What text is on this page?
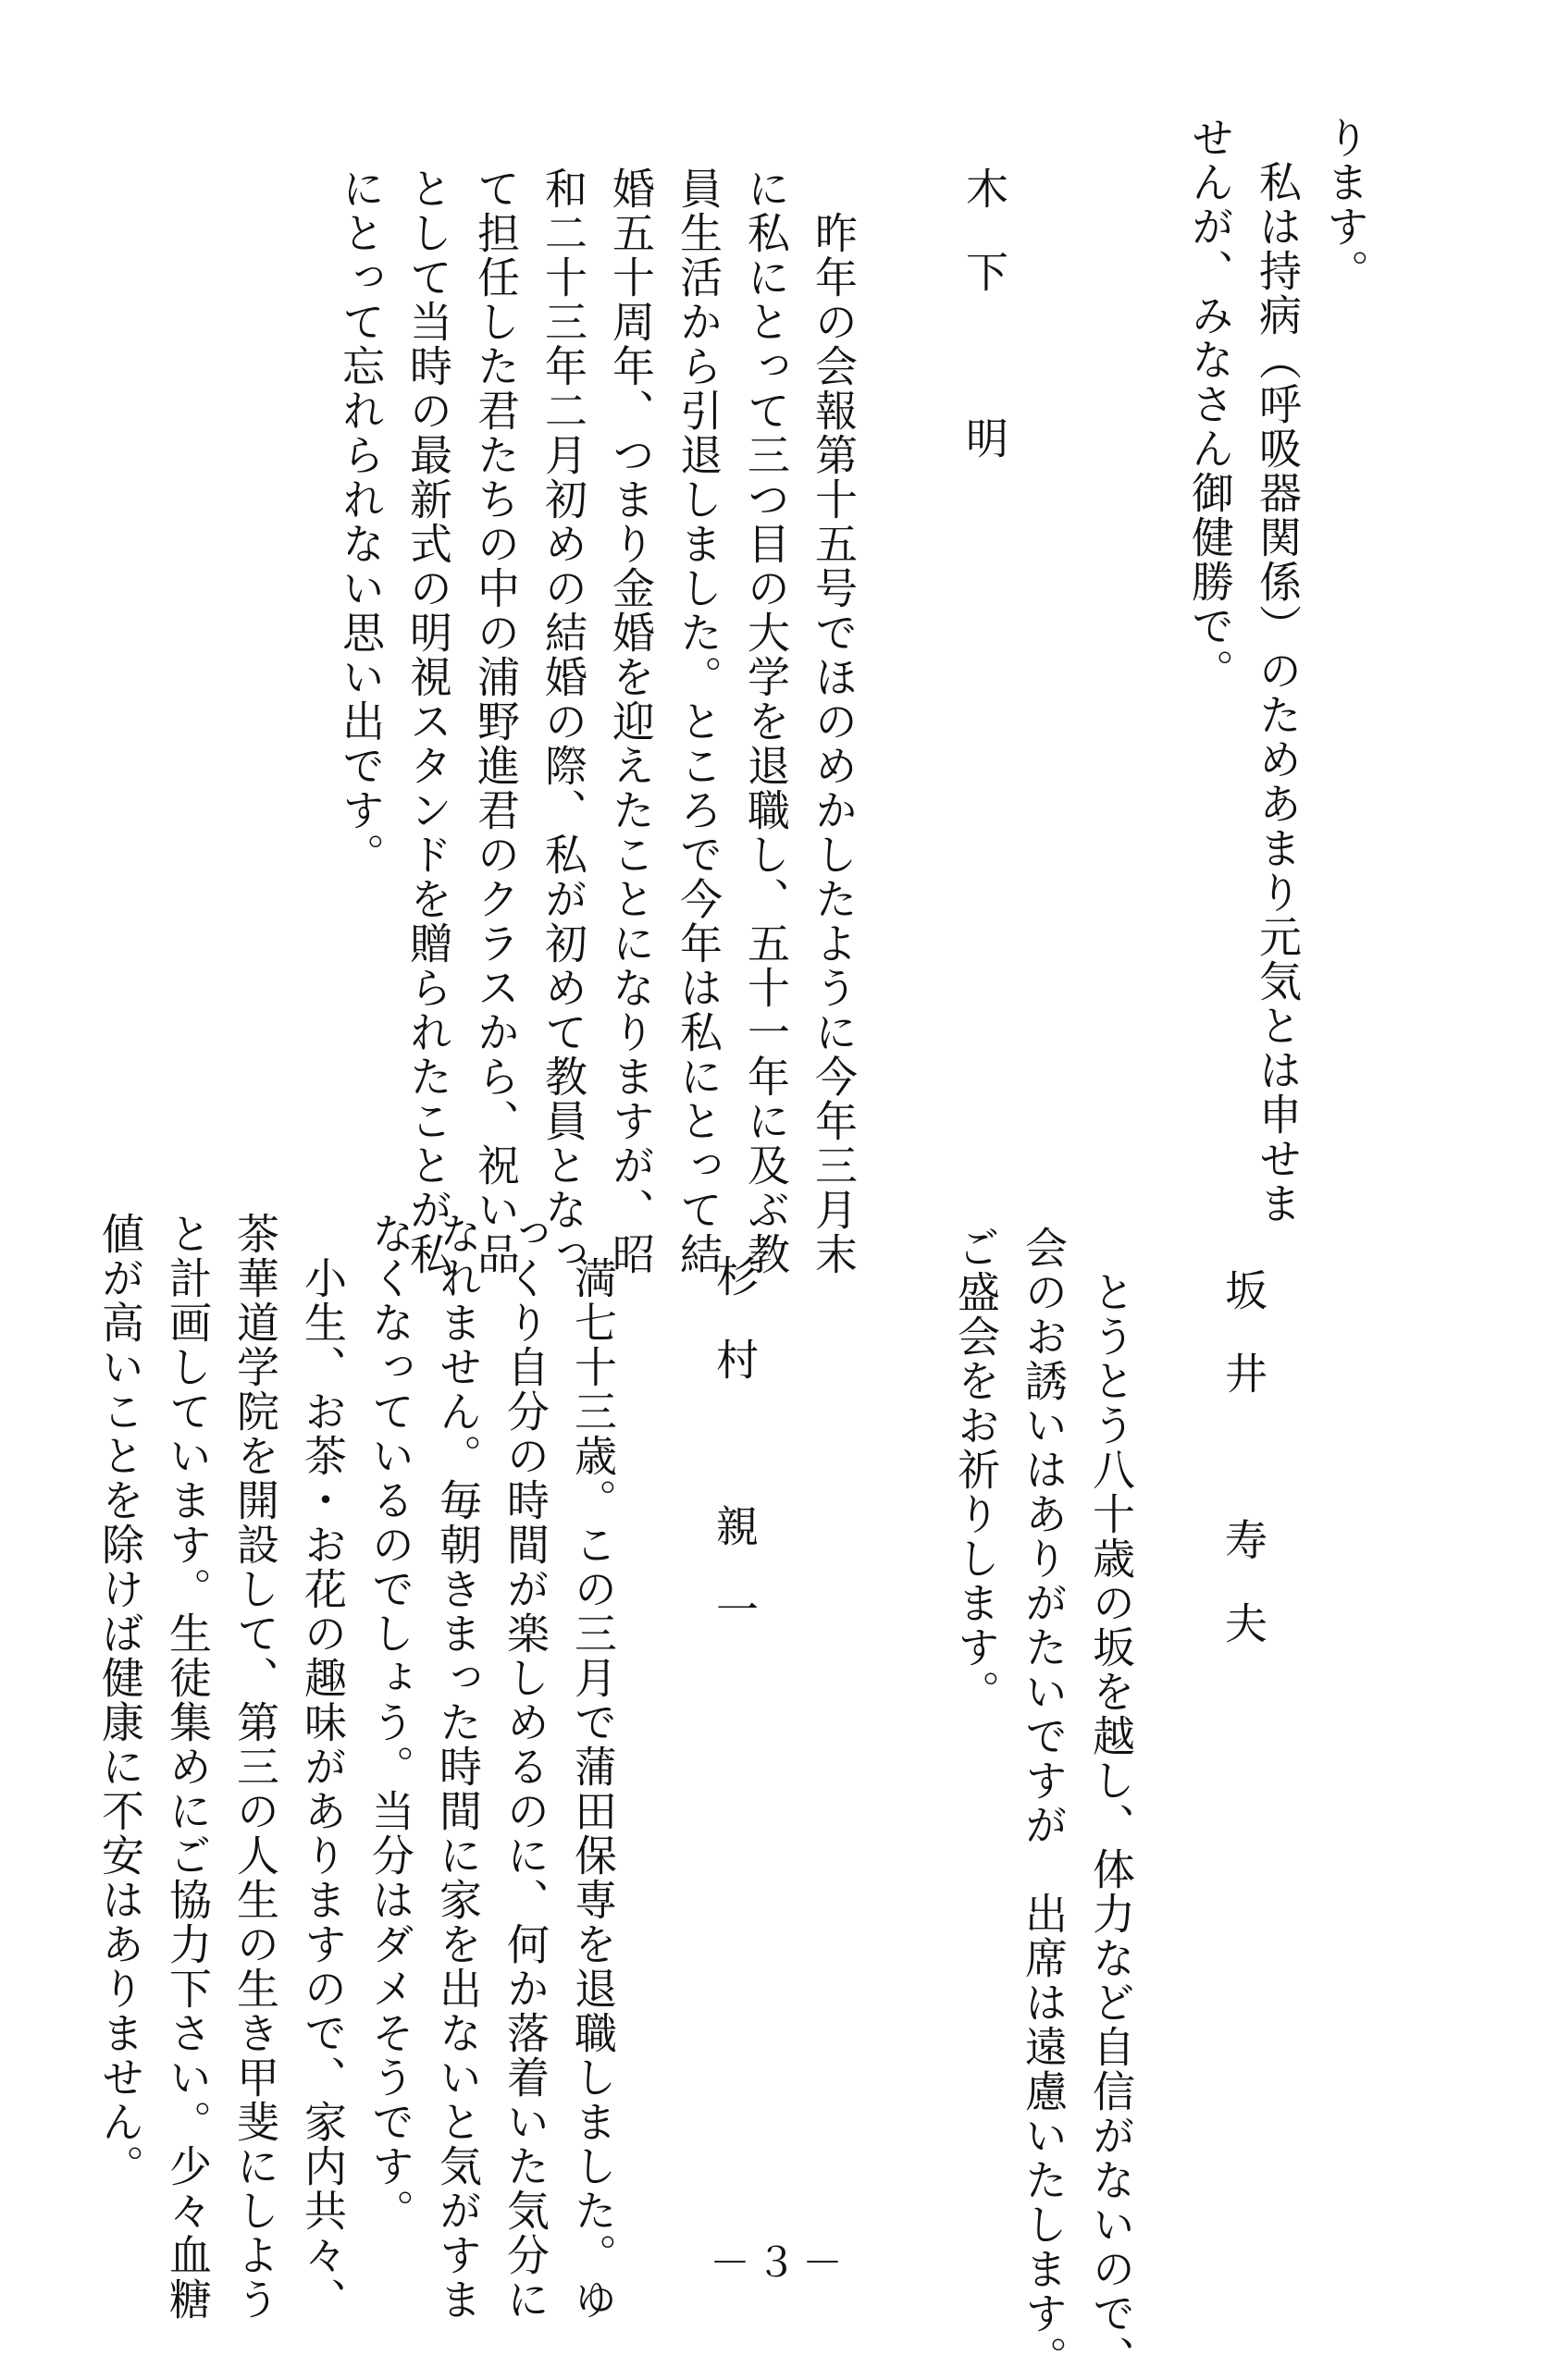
ります。
　私は持病（呼吸器関係）のためあまり元気とは申せま
せんが、みなさん御健勝で。
木下　明
　昨年の会報第十五号でほのめかしたように今年三月末
に私にとって三つ目の大学を退職し、五十一年に及ぶ教
員生活から引退しました。ところで今年は私にとって結
婚五十周年、つまり金婚を迎えたことになりますが、昭
和二十三年二月初めの結婚の際、私が初めて教員となっ
て担任した君たちの中の浦野進君のクラスから、祝い品
として当時の最新式の明視スタンドを贈られたことが私
にとって忘れられない思い出です。
坂井　寿夫
　とうとう八十歳の坂を越し、体力など自信がないので、
会のお誘いはありがたいですが　出席は遠慮いたします。
ご盛会をお祈りします。
杉村　親一
　満七十三歳。この三月で蒲田保専を退職しました。ゆ
っくり自分の時間が楽しめるのに、何か落着いた気分に
なれません。毎朝きまった時間に家を出ないと気がすま
なくなっているのでしょう。当分はダメそうです。
　小生、お茶・お花の趣味がありますので、家内共々、
茶華道学院を開設して、第三の人生の生き甲斐にしよう
と計画しています。生徒集めにご協力下さい。少々血糖
値が高いことを除けば健康に不安はありません。
－３－
